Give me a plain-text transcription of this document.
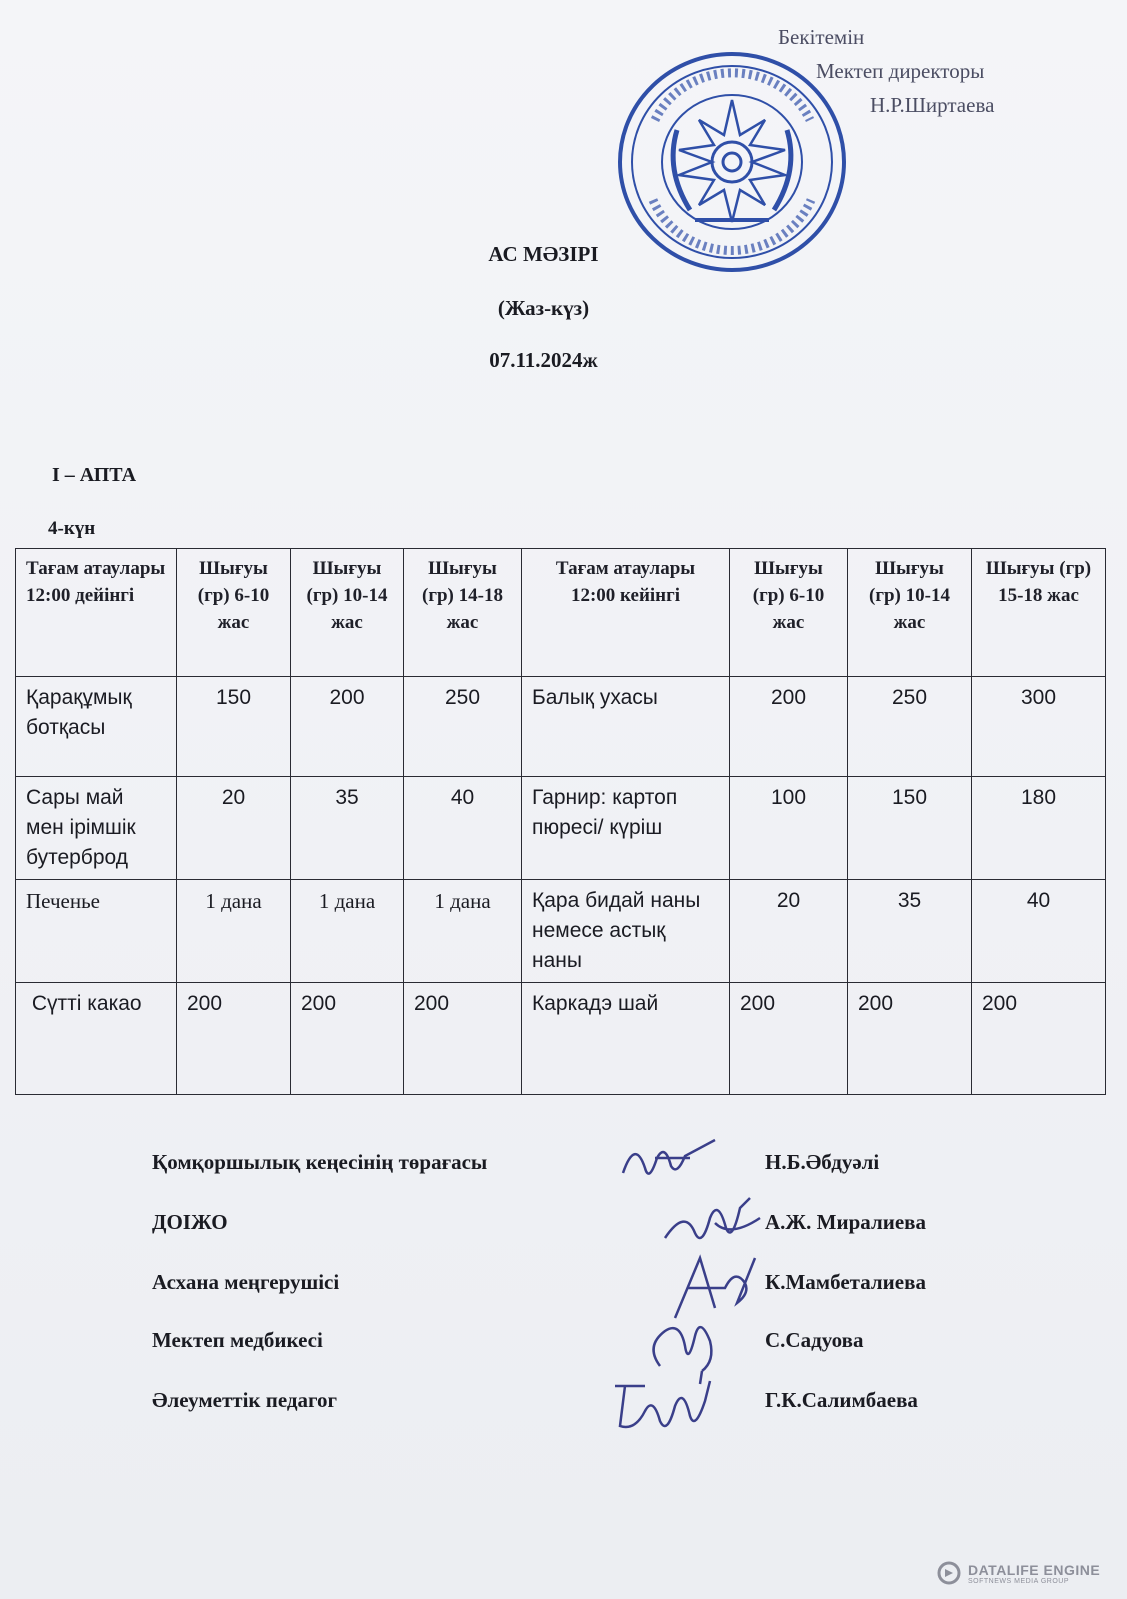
Бекітемін
Мектеп директоры
Н.Р.Ширтаева
АС МӘЗІРІ
(Жаз-күз)
07.11.2024ж
І – АПТА
4-күн
Тағам атаулары 12:00 дейінгі	Шығуы (гр) 6-10 жас	Шығуы (гр) 10-14 жас	Шығуы (гр) 14-18 жас	Тағам атаулары 12:00 кейінгі	Шығуы (гр) 6-10 жас	Шығуы (гр) 10-14 жас	Шығуы (гр) 15-18 жас
Қарақұмық ботқасы	150	200	250	Балық ухасы	200	250	300
Сары май мен ірімшік бутерброд	20	35	40	Гарнир: картоп пюресі/ күріш	100	150	180
Печенье	1 дана	1 дана	1 дана	Қара бидай наны немесе астық наны	20	35	40
Сүтті какао	200	200	200	Каркадэ шай	200	200	200
Қомқоршылық кеңесінің төрағасы	Н.Б.Әбдуәлі
ДОІЖО	А.Ж. Миралиева
Асхана меңгерушісі	К.Мамбеталиева
Мектеп медбикесі	С.Садуова
Әлеуметтік педагог	Г.К.Салимбаева
DATALIFE ENGINE
SOFTNEWS MEDIA GROUP
